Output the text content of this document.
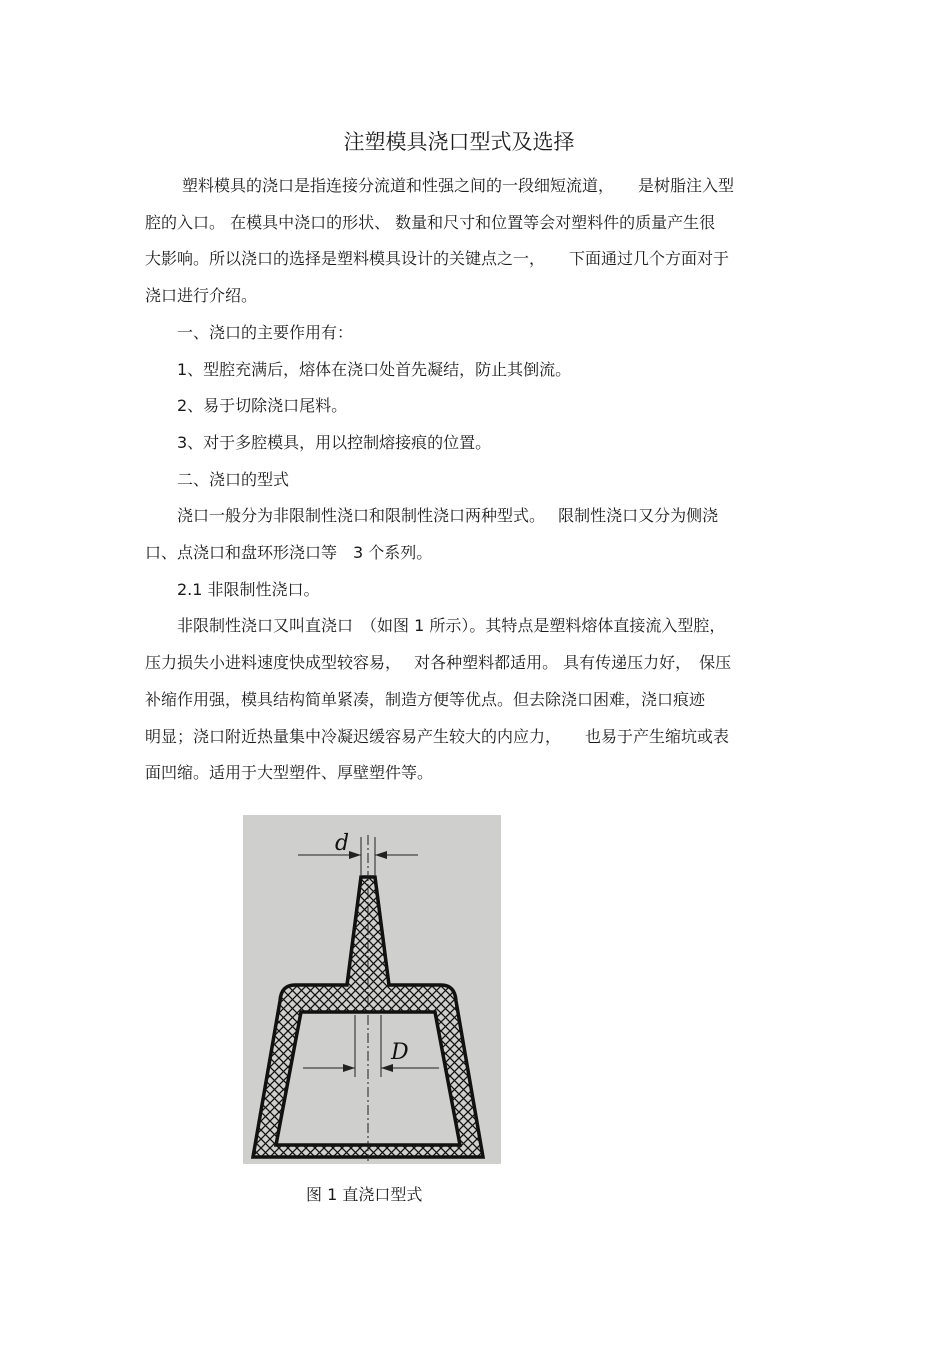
注塑模具浇口型式及选择

塑料模具的浇口是指连接分流道和性强之间的一段细短流道，　　是树脂注入型

腔的入口。 在模具中浇口的形状、 数量和尺寸和位置等会对塑料件的质量产生很

大影响。所以浇口的选择是塑料模具设计的关键点之一，　　下面通过几个方面对于

浇口进行介绍。

一、浇口的主要作用有：

1、型腔充满后，熔体在浇口处首先凝结，防止其倒流。

2、易于切除浇口尾料。

3、对于多腔模具，用以控制熔接痕的位置。

二、浇口的型式

浇口一般分为非限制性浇口和限制性浇口两种型式。　 限制性浇口又分为侧浇

口、点浇口和盘环形浇口等　3 个系列。

2.1 非限制性浇口。

非限制性浇口又叫直浇口　（如图 1 所示）。其特点是塑料熔体直接流入型腔，

压力损失小进料速度快成型较容易，　 对各种塑料都适用。 具有传递压力好，　保压

补缩作用强，模具结构简单紧凑，制造方便等优点。但去除浇口困难，浇口痕迹

明显；浇口附近热量集中冷凝迟缓容易产生较大的内应力，　　也易于产生缩坑或表

面凹缩。适用于大型塑件、厚壁塑件等。

d
D
图 1 直浇口型式
